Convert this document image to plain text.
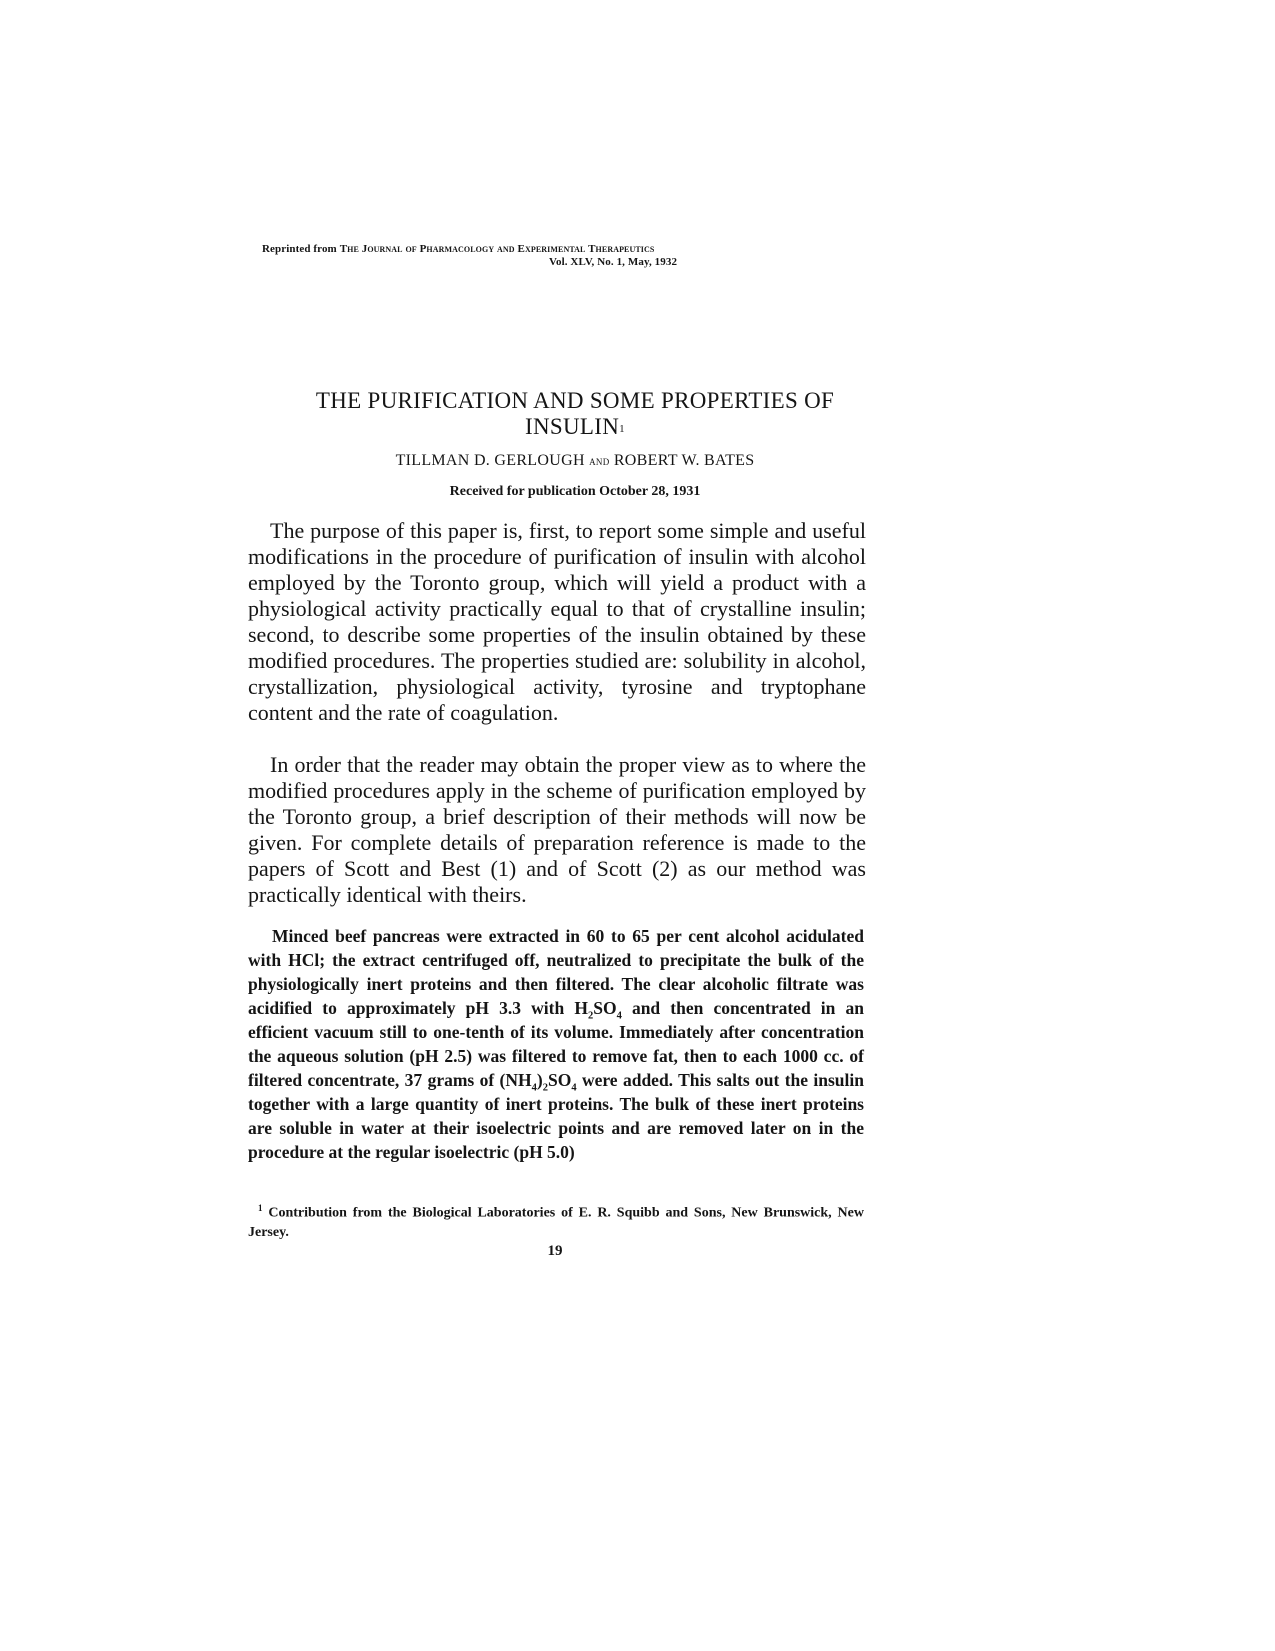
Reprinted from The Journal of Pharmacology and Experimental Therapeutics
Vol. XLV, No. 1, May, 1932
THE PURIFICATION AND SOME PROPERTIES OF
INSULIN$^1$
TILLMAN D. GERLOUGH and ROBERT W. BATES
Received for publication October 28, 1931

The purpose of this paper is, first, to report some simple and useful modifications in the procedure of purification of insulin with alcohol employed by the Toronto group, which will yield a product with a physiological activity practically equal to that of crystalline insulin; second, to describe some properties of the insulin obtained by these modified procedures. The properties studied are: solubility in alcohol, crystallization, physiological activity, tyrosine and tryptophane content and the rate of coagulation.

In order that the reader may obtain the proper view as to where the modified procedures apply in the scheme of purification employed by the Toronto group, a brief description of their methods will now be given. For complete details of preparation reference is made to the papers of Scott and Best (1) and of Scott (2) as our method was practically identical with theirs.

Minced beef pancreas were extracted in 60 to 65 per cent alcohol acidulated with HCl; the extract centrifuged off, neutralized to precipitate the bulk of the physiologically inert proteins and then filtered. The clear alcoholic filtrate was acidified to approximately pH 3.3 with $H_2SO_4$ and then concentrated in an efficient vacuum still to one-tenth of its volume. Immediately after concentration the aqueous solution (pH 2.5) was filtered to remove fat, then to each 1000 cc. of filtered concentrate, 37 grams of $(NH_4)_2SO_4$ were added. This salts out the insulin together with a large quantity of inert proteins. The bulk of these inert proteins are soluble in water at their isoelectric points and are removed later on in the procedure at the regular isoelectric (pH 5.0)

$^1$ Contribution from the Biological Laboratories of E. R. Squibb and Sons, New Brunswick, New Jersey.
19
